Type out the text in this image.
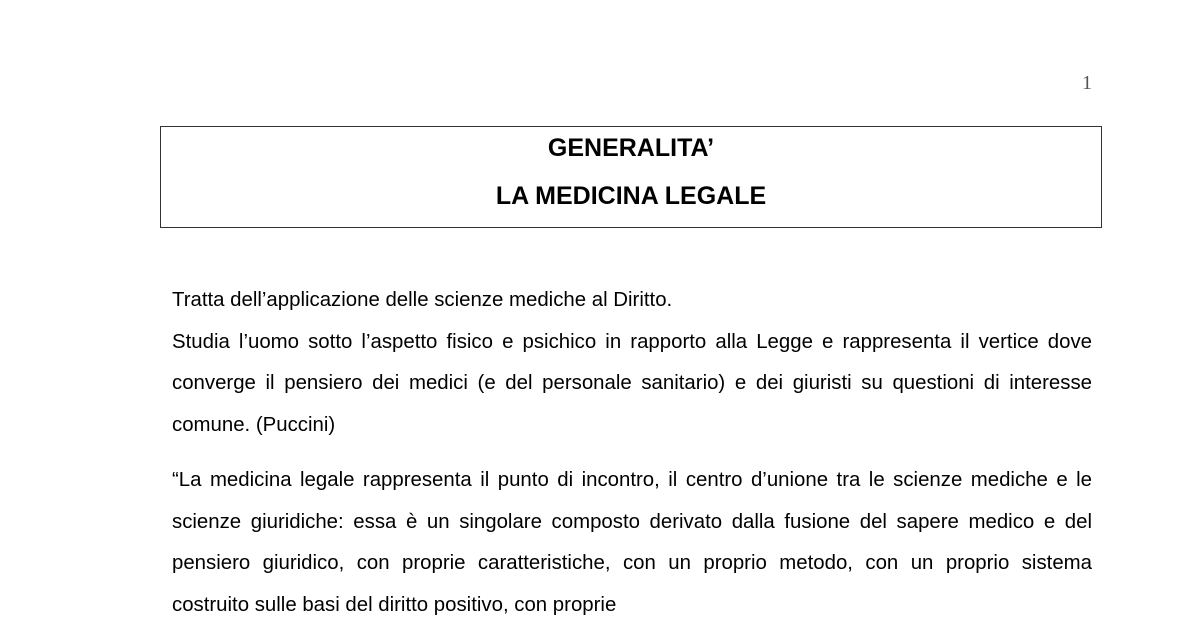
1
GENERALITA’
LA MEDICINA LEGALE
Tratta dell’applicazione delle scienze mediche al Diritto.
Studia l’uomo sotto l’aspetto fisico e psichico in rapporto alla Legge e rappresenta il vertice dove converge il pensiero dei medici (e del personale sanitario) e dei giuristi su questioni di interesse comune. (Puccini)
“La medicina legale rappresenta il punto di incontro, il centro d’unione tra le scienze mediche e le scienze giuridiche: essa è un singolare composto derivato dalla fusione del sapere medico e del pensiero giuridico, con proprie caratteristiche, con un proprio metodo, con un proprio sistema costruito sulle basi del diritto positivo, con proprie
